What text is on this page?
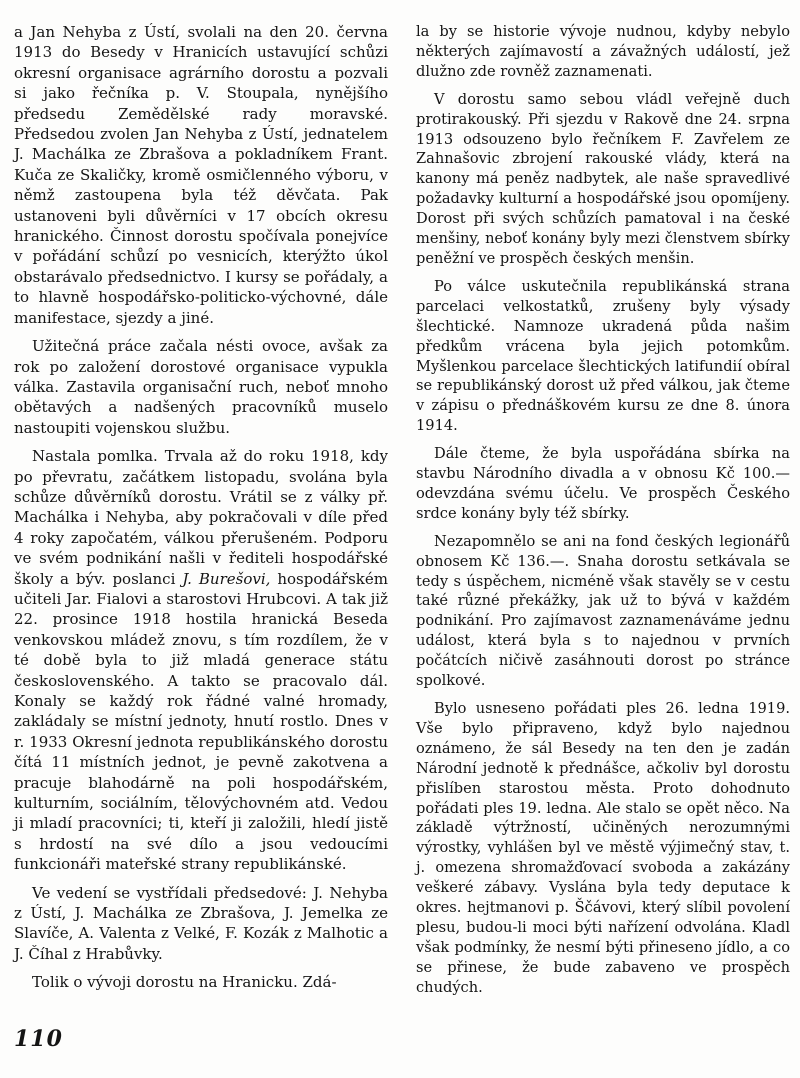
a Jan Nehyba z Ústí, svolali na den 20. června 1913 do Besedy v Hranicích ustavující schůzi okresní organisace agrárního dorostu a pozvali si jako řečníka p. V. Stoupala, nynějšího předsedu Zemědělské rady moravské. Předsedou zvolen Jan Nehyba z Ústí, jednatelem J. Machálka ze Zbrašova a pokladníkem Frant. Kuča ze Skaličky, kromě osmičlenného výboru, v němž zastoupena byla též děvčata. Pak ustanoveni byli důvěrníci v 17 obcích okresu hranického. Činnost dorostu spočívala ponejvíce v pořádání schůzí po vesnicích, kterýžto úkol obstarávalo předsednictvo. I kursy se pořádaly, a to hlavně hospodářsko-politicko-výchovné, dále manifestace, sjezdy a jiné.

Užitečná práce začala nésti ovoce, avšak za rok po založení dorostové organisace vypukla válka. Zastavila organisační ruch, neboť mnoho obětavých a nadšených pracovníků muselo nastoupiti vojenskou službu.

Nastala pomlka. Trvala až do roku 1918, kdy po převratu, začátkem listopadu, svolána byla schůze důvěrníků dorostu. Vrátil se z války př. Machálka i Nehyba, aby pokračovali v díle před 4 roky započatém, válkou přerušeném. Podporu ve svém podnikání našli v řediteli hospodářské školy a býv. poslanci J. Burešovi, hospodářském učiteli Jar. Fialovi a starostovi Hrubcovi. A tak již 22. prosince 1918 hostila hranická Beseda venkovskou mládež znovu, s tím rozdílem, že v té době byla to již mladá generace státu československého. A takto se pracovalo dál. Konaly se každý rok řádné valné hromady, zakládaly se místní jednoty, hnutí rostlo. Dnes v r. 1933 Okresní jednota republikánského dorostu čítá 11 místních jednot, je pevně zakotvena a pracuje blahodárně na poli hospodářském, kulturním, sociálním, tělovýchovném atd. Vedou ji mladí pracovníci; ti, kteří ji založili, hledí jistě s hrdostí na své dílo a jsou vedoucími funkcionáři mateřské strany republikánské.

Ve vedení se vystřídali předsedové: J. Nehyba z Ústí, J. Machálka ze Zbrašova, J. Jemelka ze Slavíče, A. Valenta z Velké, F. Kozák z Malhotic a J. Číhal z Hrabůvky.

Tolik o vývoji dorostu na Hranicku. Zdá-

la by se historie vývoje nudnou, kdyby nebylo některých zajímavostí a závažných událostí, jež dlužno zde rovněž zaznamenati.

V dorostu samo sebou vládl veřejně duch protirakouský. Při sjezdu v Rakově dne 24. srpna 1913 odsouzeno bylo řečníkem F. Zavřelem ze Zahnašovic zbrojení rakouské vlády, která na kanony má peněz nadbytek, ale naše spravedlivé požadavky kulturní a hospodářské jsou opomíjeny. Dorost při svých schůzích pamatoval i na české menšiny, neboť konány byly mezi členstvem sbírky peněžní ve prospěch českých menšin.

Po válce uskutečnila republikánská strana parcelaci velkostatků, zrušeny byly výsady šlechtické. Namnoze ukradená půda našim předkům vrácena byla jejich potomkům. Myšlenkou parcelace šlechtických latifundií obíral se republikánský dorost už před válkou, jak čteme v zápisu o přednáškovém kursu ze dne 8. února 1914.

Dále čteme, že byla uspořádána sbírka na stavbu Národního divadla a v obnosu Kč 100.— odevzdána svému účelu. Ve prospěch Českého srdce konány byly též sbírky.

Nezapomnělo se ani na fond českých legionářů obnosem Kč 136.—. Snaha dorostu setkávala se tedy s úspěchem, nicméně však stavěly se v cestu také různé překážky, jak už to bývá v každém podnikání. Pro zajímavost zaznamenáváme jednu událost, která byla s to najednou v prvních počátcích ničivě zasáhnouti dorost po stránce spolkové.

Bylo usneseno pořádati ples 26. ledna 1919. Vše bylo připraveno, když bylo najednou oznámeno, že sál Besedy na ten den je zadán Národní jednotě k přednášce, ačkoliv byl dorostu přislíben starostou města. Proto dohodnuto pořádati ples 19. ledna. Ale stalo se opět něco. Na základě výtržností, učiněných nerozumnými výrostky, vyhlášen byl ve městě výjimečný stav, t. j. omezena shromažďovací svoboda a zakázány veškeré zábavy. Vyslána byla tedy deputace k okres. hejtmanovi p. Ščávovi, který slíbil povolení plesu, budou-li moci býti nařízení odvolána. Kladl však podmínky, že nesmí býti přineseno jídlo, a co se přinese, že bude zabaveno ve prospěch chudých.

110
